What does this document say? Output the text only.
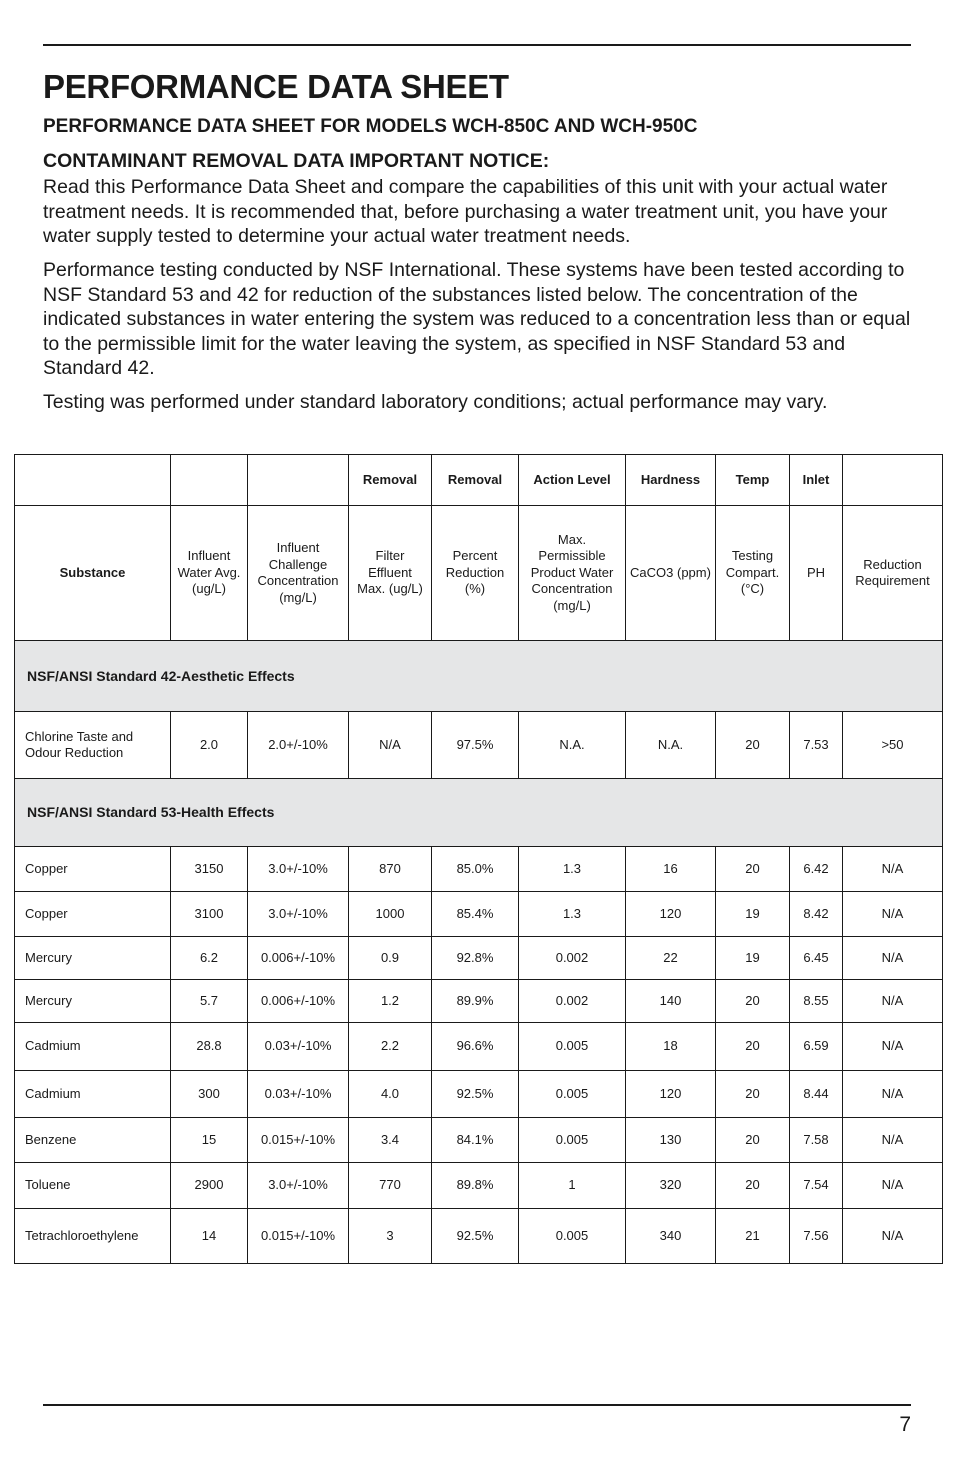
PERFORMANCE DATA SHEET
PERFORMANCE DATA SHEET FOR MODELS WCH-850C AND WCH-950C
CONTAMINANT REMOVAL DATA IMPORTANT NOTICE:

Read this Performance Data Sheet and compare the capabilities of this unit with your actual water treatment needs. It is recommended that, before purchasing a water treatment unit, you have your water supply tested to determine your actual water treatment needs.

Performance testing conducted by NSF International. These systems have been tested according to NSF Standard 53 and 42 for reduction of the substances listed below. The concentration of the indicated substances in water entering the system was reduced to a concentration less than or equal to the permissible limit for the water leaving the system, as specified in NSF Standard 53 and Standard 42.

Testing was performed under standard laboratory conditions; actual performance may vary.

			Removal	Removal	Action Level	Hardness	Temp	Inlet	
Substance	Influent Water Avg. (ug/L)	Influent Challenge Concentration (mg/L)	Filter Effluent Max. (ug/L)	Percent Reduction (%)	Max. Permissible Product Water Concentration (mg/L)	CaCO3 (ppm)	Testing Compart. (°C)	PH	Reduction Requirement
NSF/ANSI Standard 42-Aesthetic Effects									
Chlorine Taste and Odour Reduction	2.0	2.0+/-10%	N/A	97.5%	N.A.	N.A.	20	7.53	>50
NSF/ANSI Standard 53-Health Effects									
Copper	3150	3.0+/-10%	870	85.0%	1.3	16	20	6.42	N/A
Copper	3100	3.0+/-10%	1000	85.4%	1.3	120	19	8.42	N/A
Mercury	6.2	0.006+/-10%	0.9	92.8%	0.002	22	19	6.45	N/A
Mercury	5.7	0.006+/-10%	1.2	89.9%	0.002	140	20	8.55	N/A
Cadmium	28.8	0.03+/-10%	2.2	96.6%	0.005	18	20	6.59	N/A
Cadmium	300	0.03+/-10%	4.0	92.5%	0.005	120	20	8.44	N/A
Benzene	15	0.015+/-10%	3.4	84.1%	0.005	130	20	7.58	N/A
Toluene	2900	3.0+/-10%	770	89.8%	1	320	20	7.54	N/A
Tetrachloroethylene	14	0.015+/-10%	3	92.5%	0.005	340	21	7.56	N/A
7
